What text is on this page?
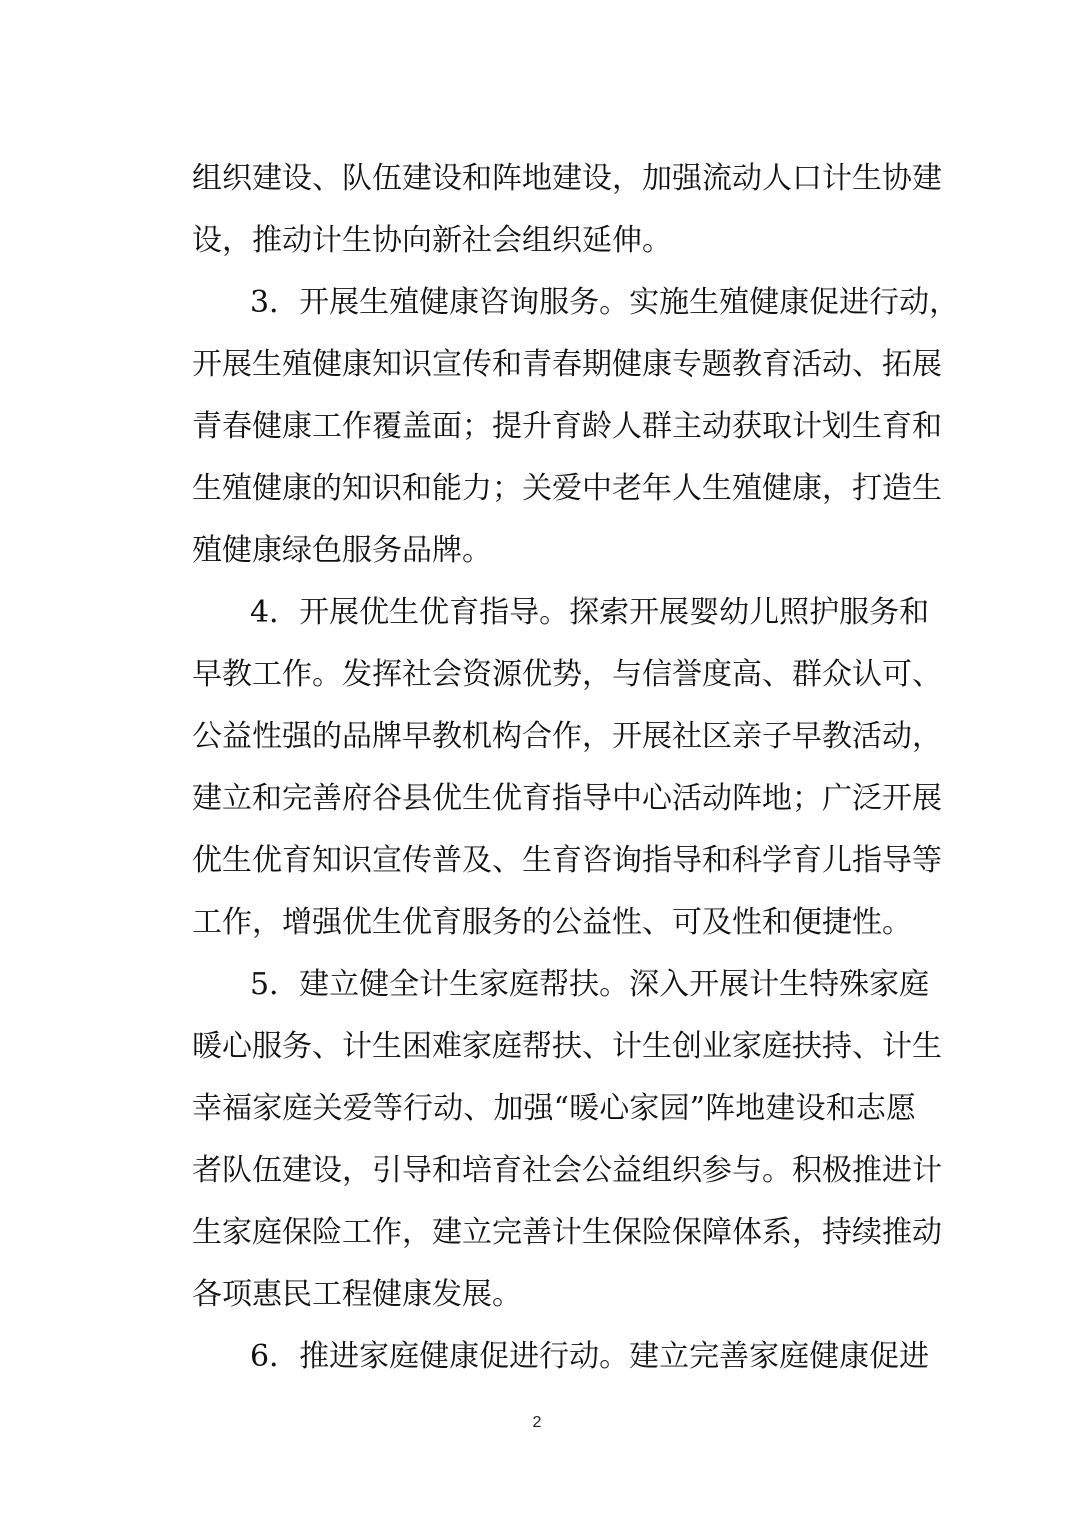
组织建设、队伍建设和阵地建设，加强流动人口计生协建
设，推动计生协向新社会组织延伸。
3．开展生殖健康咨询服务。实施生殖健康促进行动，
开展生殖健康知识宣传和青春期健康专题教育活动、拓展
青春健康工作覆盖面；提升育龄人群主动获取计划生育和
生殖健康的知识和能力；关爱中老年人生殖健康，打造生
殖健康绿色服务品牌。
4．开展优生优育指导。探索开展婴幼儿照护服务和
早教工作。发挥社会资源优势，与信誉度高、群众认可、
公益性强的品牌早教机构合作，开展社区亲子早教活动，
建立和完善府谷县优生优育指导中心活动阵地；广泛开展
优生优育知识宣传普及、生育咨询指导和科学育儿指导等
工作，增强优生优育服务的公益性、可及性和便捷性。
5．建立健全计生家庭帮扶。深入开展计生特殊家庭
暖心服务、计生困难家庭帮扶、计生创业家庭扶持、计生
幸福家庭关爱等行动、加强“暖心家园”阵地建设和志愿
者队伍建设，引导和培育社会公益组织参与。积极推进计
生家庭保险工作，建立完善计生保险保障体系，持续推动
各项惠民工程健康发展。
6．推进家庭健康促进行动。建立完善家庭健康促进
2
